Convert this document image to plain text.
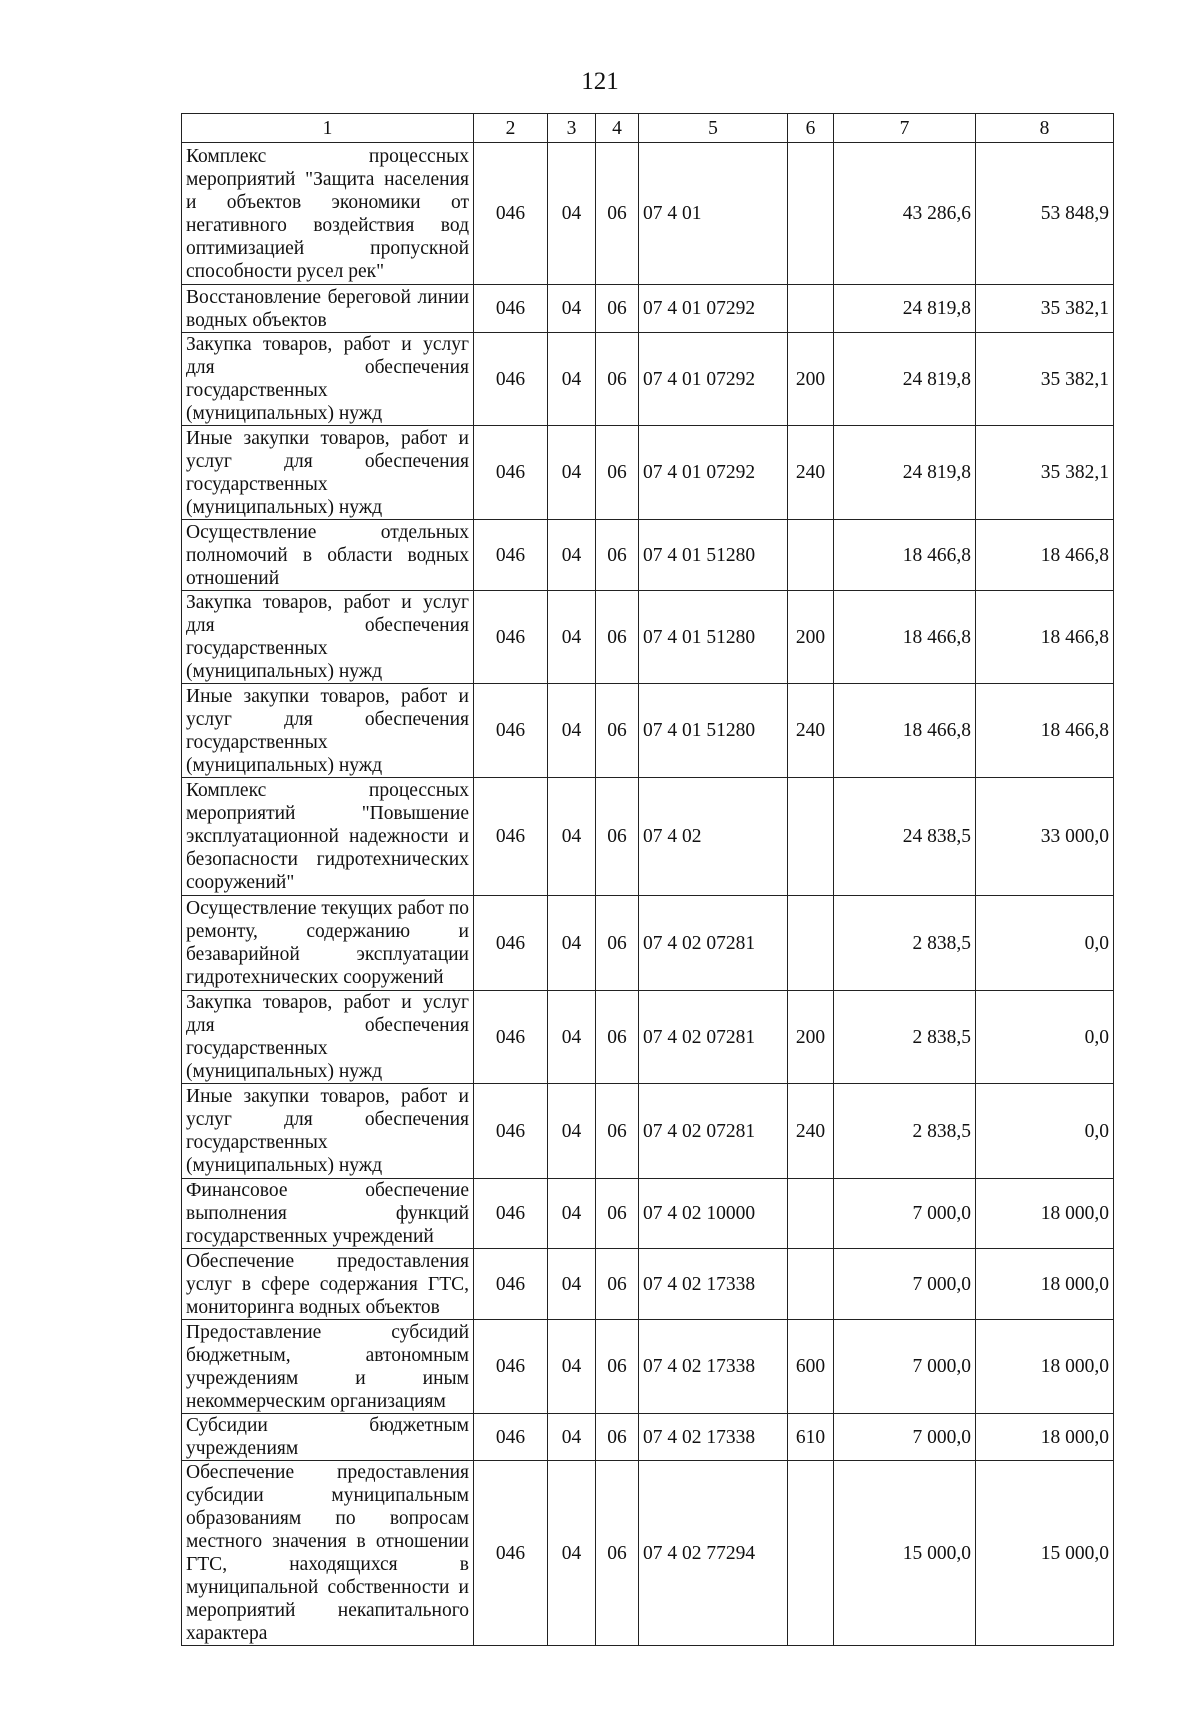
121
1	2	3	4	5	6	7	8
Комплекс процессных мероприятий "Защита населения и объектов экономики от негативного воздействия вод оптимизацией пропускной способности русел рек"	046	04	06	07 4 01		43 286,6	53 848,9
Восстановление береговой линии водных объектов	046	04	06	07 4 01 07292		24 819,8	35 382,1
Закупка товаров, работ и услуг для обеспечения государственных (муниципальных) нужд	046	04	06	07 4 01 07292	200	24 819,8	35 382,1
Иные закупки товаров, работ и услуг для обеспечения государственных (муниципальных) нужд	046	04	06	07 4 01 07292	240	24 819,8	35 382,1
Осуществление отдельных полномочий в области водных отношений	046	04	06	07 4 01 51280		18 466,8	18 466,8
Закупка товаров, работ и услуг для обеспечения государственных (муниципальных) нужд	046	04	06	07 4 01 51280	200	18 466,8	18 466,8
Иные закупки товаров, работ и услуг для обеспечения государственных (муниципальных) нужд	046	04	06	07 4 01 51280	240	18 466,8	18 466,8
Комплекс процессных мероприятий "Повышение эксплуатационной надежности и безопасности гидротехнических сооружений"	046	04	06	07 4 02		24 838,5	33 000,0
Осуществление текущих работ по ремонту, содержанию и безаварийной эксплуатации гидротехнических сооружений	046	04	06	07 4 02 07281		2 838,5	0,0
Закупка товаров, работ и услуг для обеспечения государственных (муниципальных) нужд	046	04	06	07 4 02 07281	200	2 838,5	0,0
Иные закупки товаров, работ и услуг для обеспечения государственных (муниципальных) нужд	046	04	06	07 4 02 07281	240	2 838,5	0,0
Финансовое обеспечение выполнения функций государственных учреждений	046	04	06	07 4 02 10000		7 000,0	18 000,0
Обеспечение предоставления услуг в сфере содержания ГТС, мониторинга водных объектов	046	04	06	07 4 02 17338		7 000,0	18 000,0
Предоставление субсидий бюджетным, автономным учреждениям и иным некоммерческим организациям	046	04	06	07 4 02 17338	600	7 000,0	18 000,0
Субсидии бюджетным учреждениям	046	04	06	07 4 02 17338	610	7 000,0	18 000,0
Обеспечение предоставления субсидии муниципальным образованиям по вопросам местного значения в отношении ГТС, находящихся в муниципальной собственности и мероприятий некапитального характера	046	04	06	07 4 02 77294		15 000,0	15 000,0
